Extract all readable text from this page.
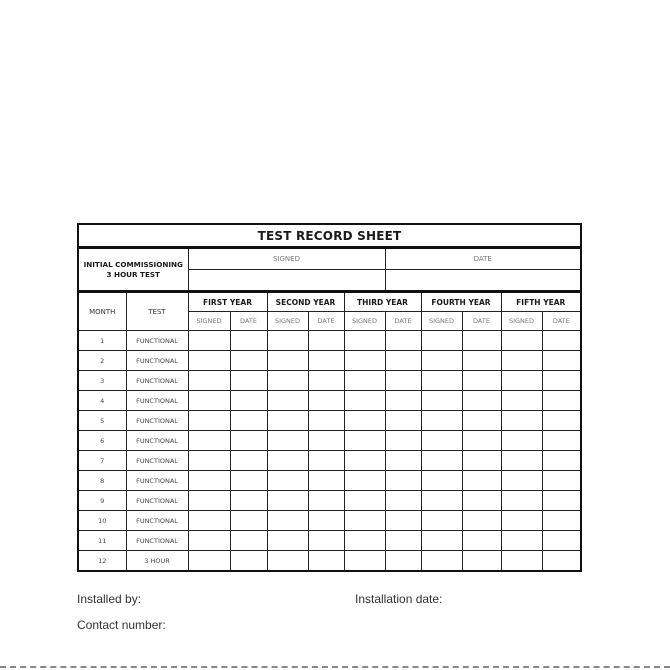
TEST RECORD SHEET											
INITIAL COMMISSIONING
3 HOUR TEST		SIGNED					DATE				

MONTH	TEST	FIRST YEAR		SECOND YEAR		THIRD YEAR		FOURTH YEAR		FIFTH YEAR	
		SIGNED	DATE	SIGNED	DATE	SIGNED	DATE	SIGNED	DATE	SIGNED	DATE
1	FUNCTIONAL										
2	FUNCTIONAL										
3	FUNCTIONAL										
4	FUNCTIONAL										
5	FUNCTIONAL										
6	FUNCTIONAL										
7	FUNCTIONAL										
8	FUNCTIONAL										
9	FUNCTIONAL										
10	FUNCTIONAL										
11	FUNCTIONAL										
12	3 HOUR										
Installed by:	Installation date:
Contact number:
